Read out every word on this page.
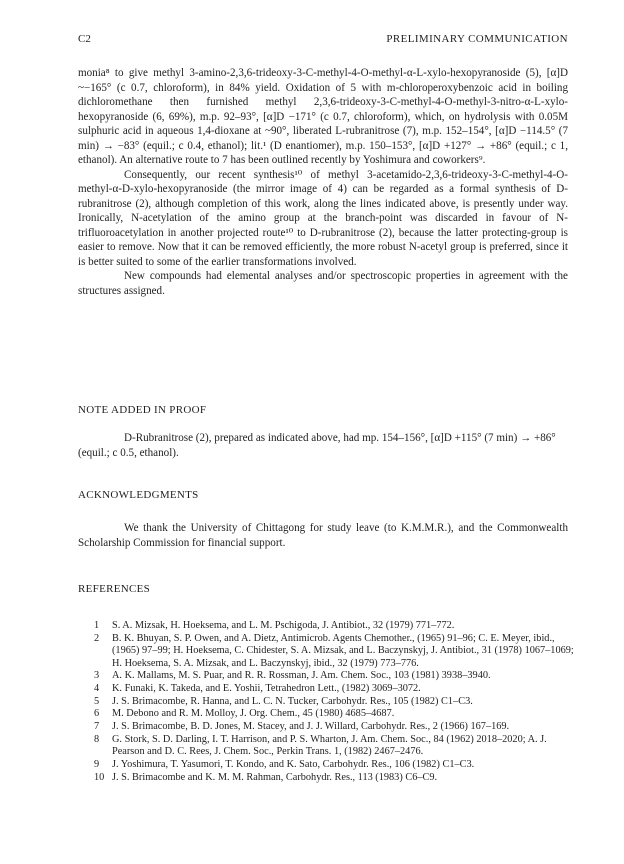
C2	PRELIMINARY COMMUNICATION

monia⁸ to give methyl 3-amino-2,3,6-trideoxy-3-C-methyl-4-O-methyl-α-L-xylo-hexopyranoside (5), [α]D ~−165° (c 0.7, chloroform), in 84% yield. Oxidation of 5 with m-chloroperoxybenzoic acid in boiling dichloromethane then furnished methyl 2,3,6-trideoxy-3-C-methyl-4-O-methyl-3-nitro-α-L-xylo-hexopyranoside (6, 69%), m.p. 92–93°, [α]D −171° (c 0.7, chloroform), which, on hydrolysis with 0.05M sulphuric acid in aqueous 1,4-dioxane at ~90°, liberated L-rubranitrose (7), m.p. 152–154°, [α]D −114.5° (7 min) → −83° (equil.; c 0.4, ethanol); lit.¹ (D enantiomer), m.p. 150–153°, [α]D +127° → +86° (equil.; c 1, ethanol). An alternative route to 7 has been outlined recently by Yoshimura and coworkers⁹.

Consequently, our recent synthesis¹⁰ of methyl 3-acetamido-2,3,6-trideoxy-3-C-methyl-4-O-methyl-α-D-xylo-hexopyranoside (the mirror image of 4) can be regarded as a formal synthesis of D-rubranitrose (2), although completion of this work, along the lines indicated above, is presently under way. Ironically, N-acetylation of the amino group at the branch-point was discarded in favour of N-trifluoroacetylation in another projected route¹⁰ to D-rubranitrose (2), because the latter protecting-group is easier to remove. Now that it can be removed efficiently, the more robust N-acetyl group is preferred, since it is better suited to some of the earlier transformations involved.

New compounds had elemental analyses and/or spectroscopic properties in agreement with the structures assigned.

NOTE ADDED IN PROOF
D-Rubranitrose (2), prepared as indicated above, had mp. 154–156°, [α]D +115° (7 min) → +86° (equil.; c 0.5, ethanol).
ACKNOWLEDGMENTS
We thank the University of Chittagong for study leave (to K.M.M.R.), and the Commonwealth Scholarship Commission for financial support.
REFERENCES
1	S. A. Mizsak, H. Hoeksema, and L. M. Pschigoda, J. Antibiot., 32 (1979) 771–772.
2	B. K. Bhuyan, S. P. Owen, and A. Dietz, Antimicrob. Agents Chemother., (1965) 91–96; C. E. Meyer, ibid., (1965) 97–99; H. Hoeksema, C. Chidester, S. A. Mizsak, and L. Baczynskyj, J. Antibiot., 31 (1978) 1067–1069; H. Hoeksema, S. A. Mizsak, and L. Baczynskyj, ibid., 32 (1979) 773–776.
3	A. K. Mallams, M. S. Puar, and R. R. Rossman, J. Am. Chem. Soc., 103 (1981) 3938–3940.
4	K. Funaki, K. Takeda, and E. Yoshii, Tetrahedron Lett., (1982) 3069–3072.
5	J. S. Brimacombe, R. Hanna, and L. C. N. Tucker, Carbohydr. Res., 105 (1982) C1–C3.
6	M. Debono and R. M. Molloy, J. Org. Chem., 45 (1980) 4685–4687.
7	J. S. Brimacombe, B. D. Jones, M. Stacey, and J. J. Willard, Carbohydr. Res., 2 (1966) 167–169.
8	G. Stork, S. D. Darling, I. T. Harrison, and P. S. Wharton, J. Am. Chem. Soc., 84 (1962) 2018–2020; A. J. Pearson and D. C. Rees, J. Chem. Soc., Perkin Trans. 1, (1982) 2467–2476.
9	J. Yoshimura, T. Yasumori, T. Kondo, and K. Sato, Carbohydr. Res., 106 (1982) C1–C3.
10 J. S. Brimacombe and K. M. M. Rahman, Carbohydr. Res., 113 (1983) C6–C9.
